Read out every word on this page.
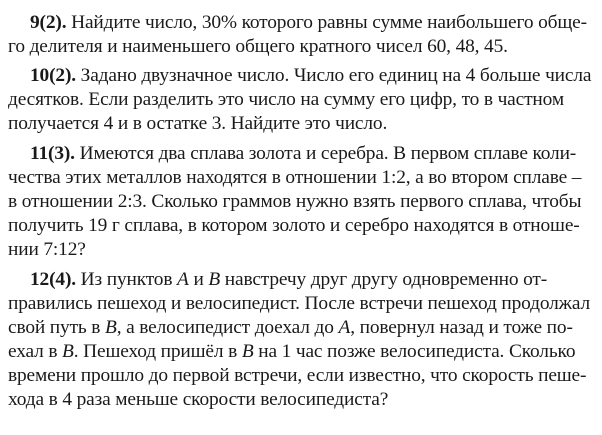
9(2). Найдите число, 30% которого равны сумме наибольшего обще-
го делителя и наименьшего общего кратного чисел 60, 48, 45.
10(2). Задано двузначное число. Число его единиц на 4 больше числа
десятков. Если разделить это число на сумму его цифр, то в частном
получается 4 и в остатке 3. Найдите это число.
11(3). Имеются два сплава золота и серебра. В первом сплаве коли-
чества этих металлов находятся в отношении 1:2, а во втором сплаве –
в отношении 2:3. Сколько граммов нужно взять первого сплава, чтобы
получить 19 г сплава, в котором золото и серебро находятся в отноше-
нии 7:12?
12(4). Из пунктов A и B навстречу друг другу одновременно от-
правились пешеход и велосипедист. После встречи пешеход продолжал
свой путь в B, а велосипедист доехал до A, повернул назад и тоже по-
ехал в B. Пешеход пришёл в B на 1 час позже велосипедиста. Сколько
времени прошло до первой встречи, если известно, что скорость пеше-
хода в 4 раза меньше скорости велосипедиста?
